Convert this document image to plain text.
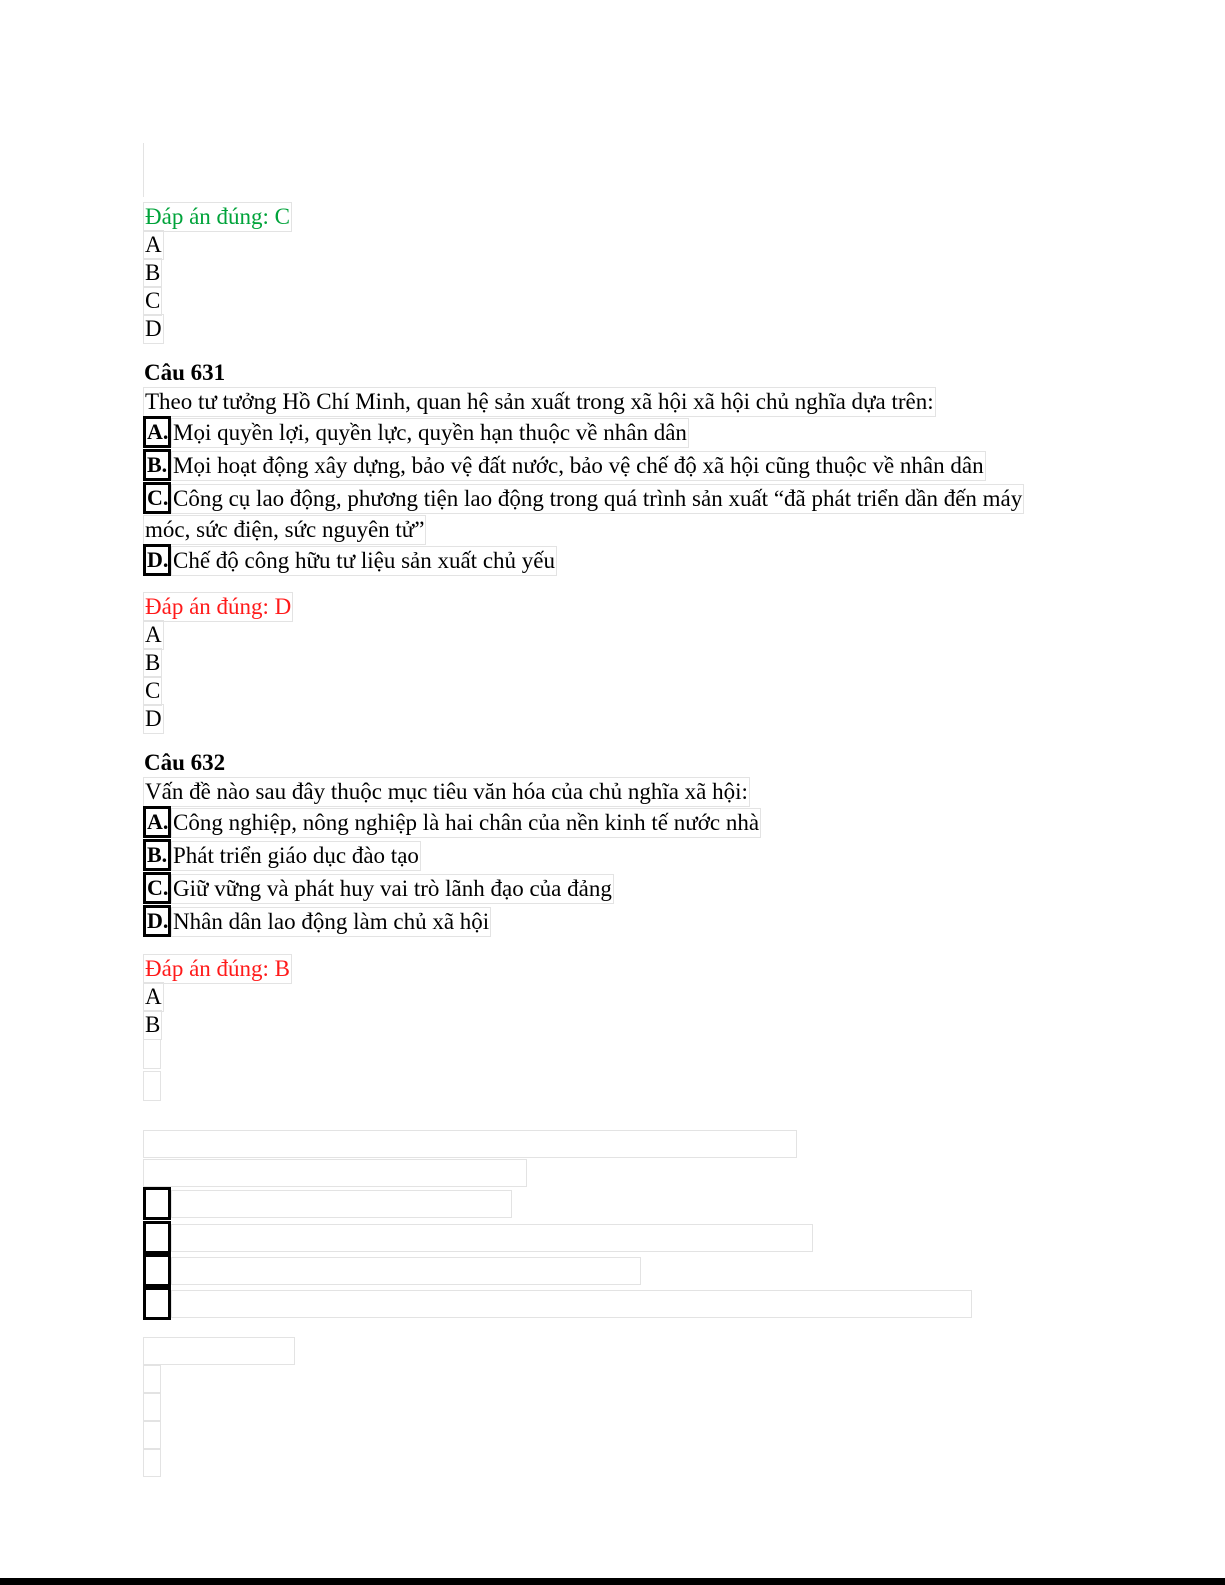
Đáp án đúng: C
A
B
C
D
Câu 631
Theo tư tưởng Hồ Chí Minh, quan hệ sản xuất trong xã hội xã hội chủ nghĩa dựa trên:
A. Mọi quyền lợi, quyền lực, quyền hạn thuộc về nhân dân
B. Mọi hoạt động xây dựng, bảo vệ đất nước, bảo vệ chế độ xã hội cũng thuộc về nhân dân
C. Công cụ lao động, phương tiện lao động trong quá trình sản xuất “đã phát triển dần đến máy
móc, sức điện, sức nguyên tử”
D. Chế độ công hữu tư liệu sản xuất chủ yếu
Đáp án đúng: D
A
B
C
D
Câu 632
Vấn đề nào sau đây thuộc mục tiêu văn hóa của chủ nghĩa xã hội:
A. Công nghiệp, nông nghiệp là hai chân của nền kinh tế nước nhà
B. Phát triển giáo dục đào tạo
C. Giữ vững và phát huy vai trò lãnh đạo của đảng
D. Nhân dân lao động làm chủ xã hội
Đáp án đúng: B
A
B
